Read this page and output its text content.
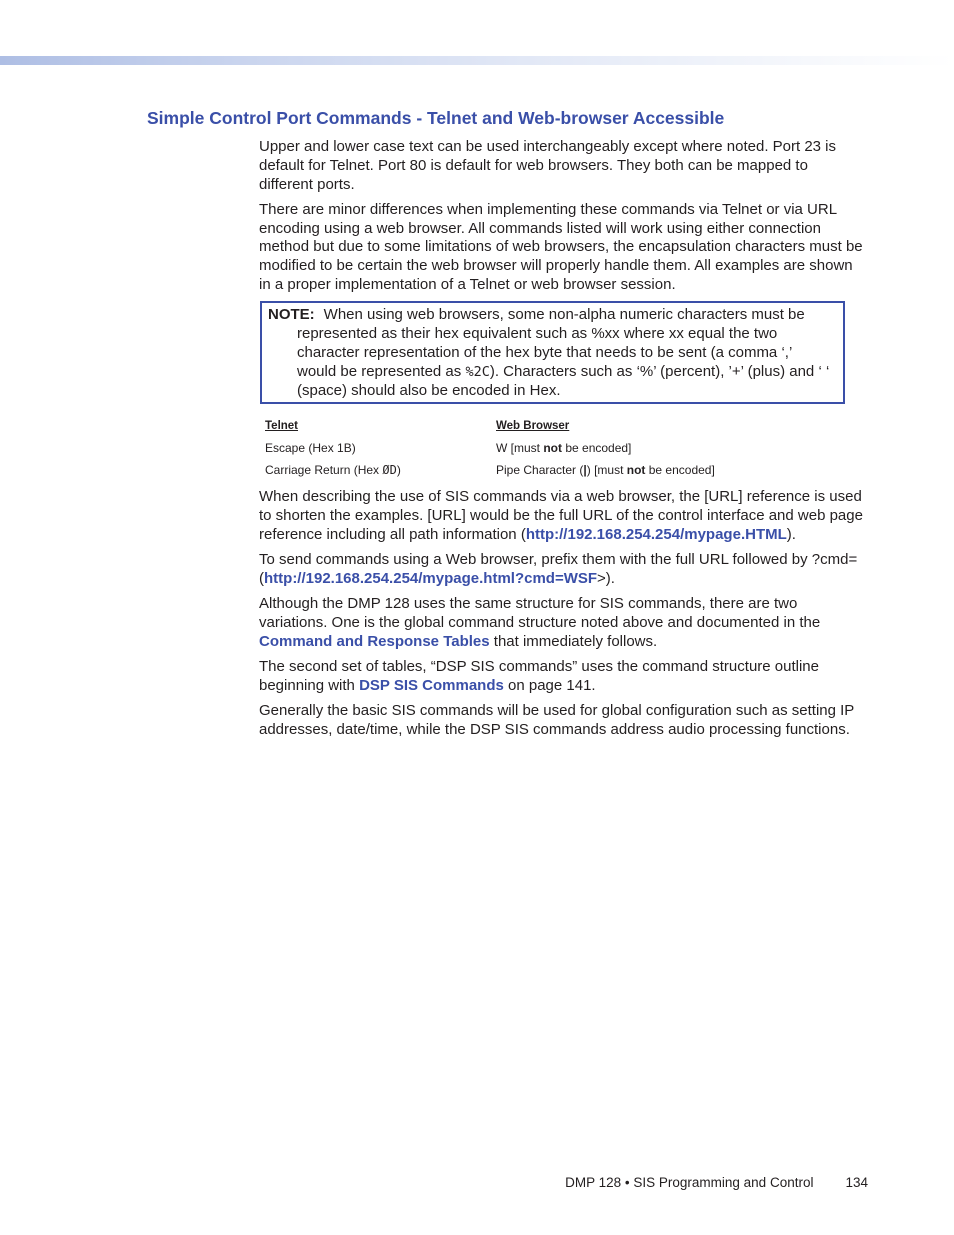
Simple Control Port Commands - Telnet and Web-browser Accessible

Upper and lower case text can be used interchangeably except where noted. Port 23 is default for Telnet. Port 80 is default for web browsers. They both can be mapped to different ports.

There are minor differences when implementing these commands via Telnet or via URL encoding using a web browser. All commands listed will work using either connection method but due to some limitations of web browsers, the encapsulation characters must be modified to be certain the web browser will properly handle them. All examples are shown in a proper implementation of a Telnet or web browser session.

NOTE: When using web browsers, some non-alpha numeric characters must be represented as their hex equivalent such as %xx where xx equal the two character representation of the hex byte that needs to be sent (a comma ‘,’ would be represented as %2C). Characters such as ‘%’ (percent), ’+’ (plus) and ‘ ‘ (space) should also be encoded in Hex.
Telnet	Web Browser
Escape (Hex 1B)	W [must not be encoded]
Carriage Return (Hex ØD)	Pipe Character (|) [must not be encoded]

When describing the use of SIS commands via a web browser, the [URL] reference is used to shorten the examples. [URL] would be the full URL of the control interface and web page reference including all path information (http://192.168.254.254/mypage.HTML).

To send commands using a Web browser, prefix them with the full URL followed by ?cmd= (http://192.168.254.254/mypage.html?cmd=WSF>).

Although the DMP 128 uses the same structure for SIS commands, there are two variations. One is the global command structure noted above and documented in the Command and Response Tables that immediately follows.

The second set of tables, “DSP SIS commands” uses the command structure outline beginning with DSP SIS Commands on page 141.

Generally the basic SIS commands will be used for global configuration such as setting IP addresses, date/time, while the DSP SIS commands address audio processing functions.

DMP 128 • SIS Programming and Control 134
